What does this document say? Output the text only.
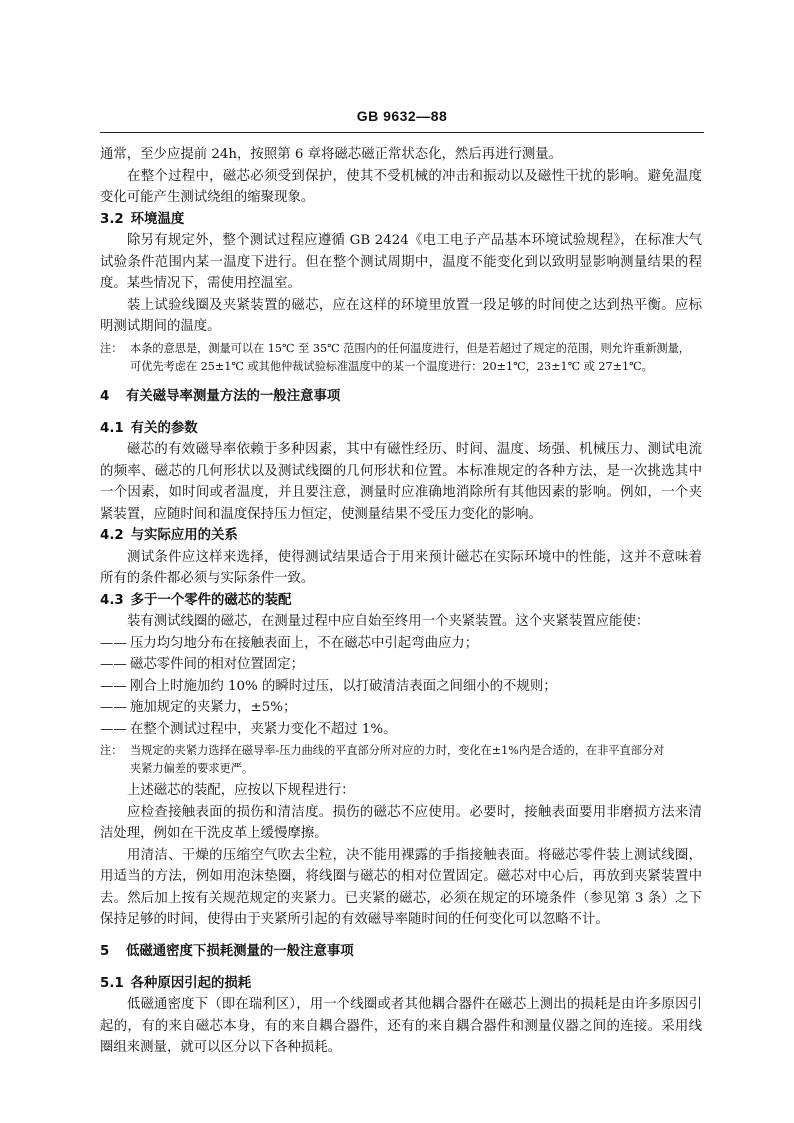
GB 9632—88

通常，至少应提前 24h，按照第 6 章将磁芯磁正常状态化，然后再进行测量。

在整个过程中，磁芯必须受到保护，使其不受机械的冲击和振动以及磁性干扰的影响。避免温度变化可能产生测试绕组的缩聚现象。

3.2 环境温度

除另有规定外，整个测试过程应遵循 GB 2424《电工电子产品基本环境试验规程》，在标准大气试验条件范围内某一温度下进行。但在整个测试周期中，温度不能变化到以致明显影响测量结果的程度。某些情况下，需使用控温室。

装上试验线圈及夹紧装置的磁芯，应在这样的环境里放置一段足够的时间使之达到热平衡。应标明测试期间的温度。

注： 本条的意思是，测量可以在 15℃ 至 35℃ 范围内的任何温度进行，但是若超过了规定的范围，则允许重新测量，
可优先考虑在 25±1℃ 或其他仲裁试验标准温度中的某一个温度进行：20±1℃，23±1℃ 或 27±1℃。

4 有关磁导率测量方法的一般注意事项

4.1 有关的参数

磁芯的有效磁导率依赖于多种因素，其中有磁性经历、时间、温度、场强、机械压力、测试电流的频率、磁芯的几何形状以及测试线圈的几何形状和位置。本标准规定的各种方法，是一次挑选其中一个因素，如时间或者温度，并且要注意，测量时应准确地消除所有其他因素的影响。例如，一个夹紧装置，应随时间和温度保持压力恒定，使测量结果不受压力变化的影响。

4.2 与实际应用的关系

测试条件应这样来选择，使得测试结果适合于用来预计磁芯在实际环境中的性能，这并不意味着所有的条件都必须与实际条件一致。

4.3 多于一个零件的磁芯的装配

装有测试线圈的磁芯，在测量过程中应自始至终用一个夹紧装置。这个夹紧装置应能使：

—— 压力均匀地分布在接触表面上，不在磁芯中引起弯曲应力；

—— 磁芯零件间的相对位置固定；

—— 刚合上时施加约 10% 的瞬时过压，以打破清洁表面之间细小的不规则；

—— 施加规定的夹紧力，±5%；

—— 在整个测试过程中，夹紧力变化不超过 1%。

注： 当规定的夹紧力选择在磁导率-压力曲线的平直部分所对应的力时，变化在±1%内是合适的，在非平直部分对
夹紧力偏差的要求更严。

上述磁芯的装配，应按以下规程进行：

应检查接触表面的损伤和清洁度。损伤的磁芯不应使用。必要时，接触表面要用非磨损方法来清洁处理，例如在干洗皮革上缓慢摩擦。

用清洁、干燥的压缩空气吹去尘粒，决不能用裸露的手指接触表面。将磁芯零件装上测试线圈，用适当的方法，例如用泡沫垫圈，将线圈与磁芯的相对位置固定。磁芯对中心后，再放到夹紧装置中去。然后加上按有关规范规定的夹紧力。已夹紧的磁芯，必须在规定的环境条件（参见第 3 条）之下保持足够的时间，使得由于夹紧所引起的有效磁导率随时间的任何变化可以忽略不计。

5 低磁通密度下损耗测量的一般注意事项

5.1 各种原因引起的损耗

低磁通密度下（即在瑞利区），用一个线圈或者其他耦合器件在磁芯上测出的损耗是由许多原因引起的，有的来自磁芯本身，有的来自耦合器件，还有的来自耦合器件和测量仪器之间的连接。采用线圈组来测量，就可以区分以下各种损耗。
